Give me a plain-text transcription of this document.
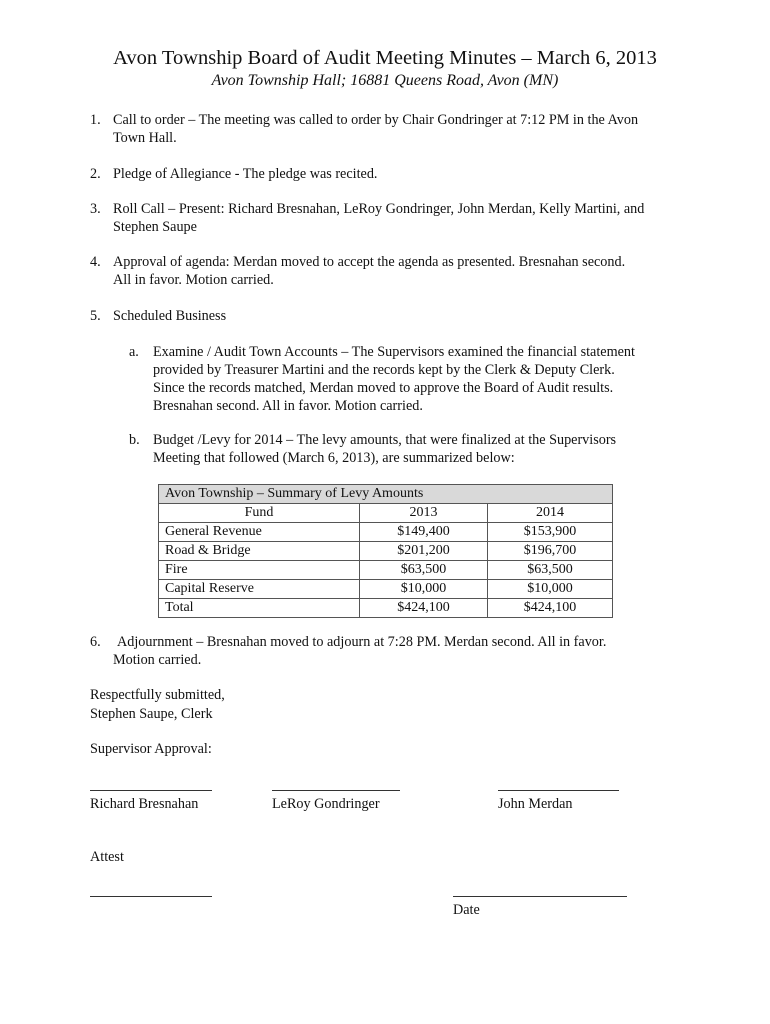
Avon Township Board of Audit Meeting Minutes – March 6, 2013
Avon Township Hall; 16881 Queens Road, Avon (MN)
1. Call to order – The meeting was called to order by Chair Gondringer at 7:12 PM in the Avon
Town Hall.
2. Pledge of Allegiance - The pledge was recited.
3. Roll Call – Present: Richard Bresnahan, LeRoy Gondringer, John Merdan, Kelly Martini, and
Stephen Saupe
4. Approval of agenda: Merdan moved to accept the agenda as presented. Bresnahan second.
All in favor. Motion carried.
5. Scheduled Business
a. Examine / Audit Town Accounts – The Supervisors examined the financial statement
provided by Treasurer Martini and the records kept by the Clerk & Deputy Clerk.
Since the records matched, Merdan moved to approve the Board of Audit results.
Bresnahan second. All in favor. Motion carried.
b. Budget /Levy for 2014 – The levy amounts, that were finalized at the Supervisors
Meeting that followed (March 6, 2013), are summarized below:
Avon Township – Summary of Levy Amounts		
Fund	2013	2014
General Revenue	$149,400	$153,900
Road & Bridge	$201,200	$196,700
Fire	$63,500	$63,500
Capital Reserve	$10,000	$10,000
Total	$424,100	$424,100
6.	Adjournment – Bresnahan moved to adjourn at 7:28 PM. Merdan second. All in favor.
Motion carried.
Respectfully submitted,
Stephen Saupe, Clerk
Supervisor Approval:
Richard Bresnahan	LeRoy Gondringer	John Merdan
Attest
Date
